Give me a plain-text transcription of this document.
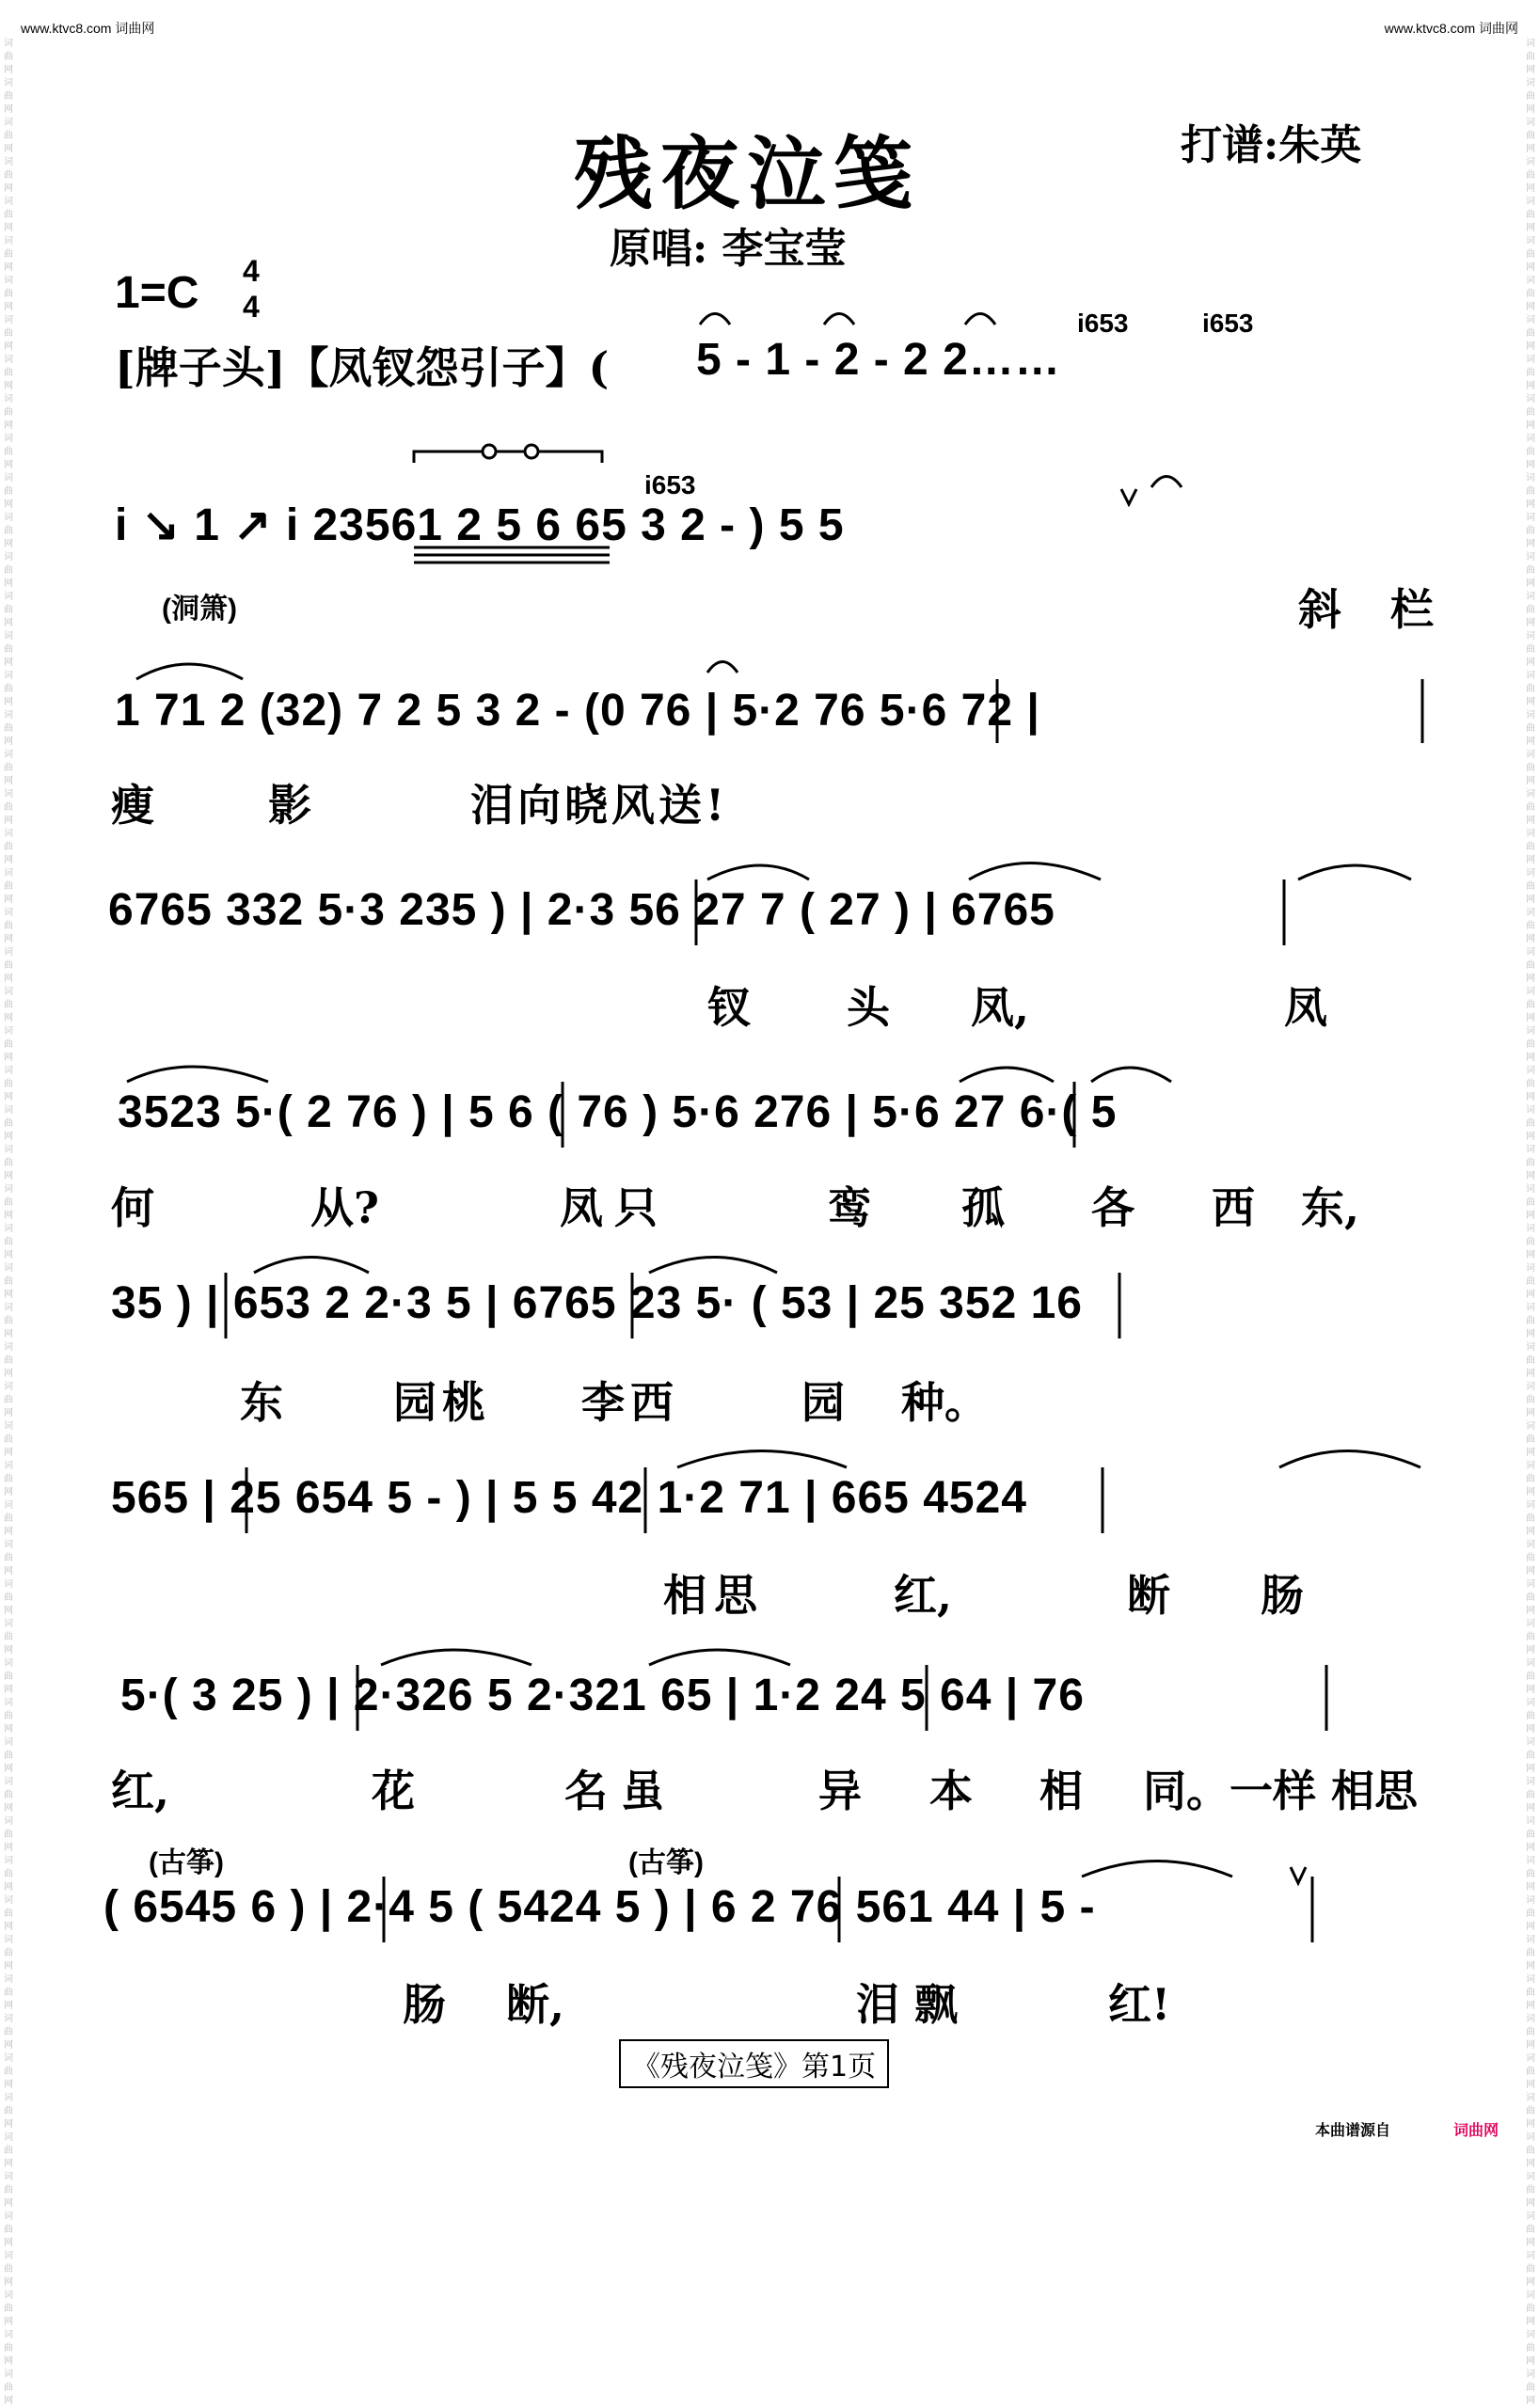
www.ktvc8.com 词曲网	www.ktvc8.com 词曲网
词曲网词曲网词曲网词曲网词曲网词曲网词曲网词曲网词曲网词曲网词曲网词曲网词曲网词曲网词曲网词曲网词曲网词曲网词曲网词曲网词曲网词曲网词曲网词曲网词曲网词曲网词曲网词曲网词曲网词曲网词曲网词曲网词曲网词曲网词曲网词曲网词曲网词曲网词曲网词曲网词曲网词曲网词曲网词曲网词曲网词曲网词曲网词曲网词曲网词曲网词曲网词曲网词曲网词曲网词曲网词曲网词曲网词曲网词曲网词曲网
词曲网词曲网词曲网词曲网词曲网词曲网词曲网词曲网词曲网词曲网词曲网词曲网词曲网词曲网词曲网词曲网词曲网词曲网词曲网词曲网词曲网词曲网词曲网词曲网词曲网词曲网词曲网词曲网词曲网词曲网词曲网词曲网词曲网词曲网词曲网词曲网词曲网词曲网词曲网词曲网词曲网词曲网词曲网词曲网词曲网词曲网词曲网词曲网词曲网词曲网词曲网词曲网词曲网词曲网词曲网词曲网词曲网词曲网词曲网词曲网
残夜泣笺	打谱:朱英
原唱: 李宝莹
1=C 4
4
[牌子头]【凤钗怨引子】( 5 - 1 - 2 - 2 2……
i653	i653
i ↘ 1 ↗ i 23561 2 5 6 65 3 2 - ) 5 5
i653
(洞箫)	斜 栏
1 71 2 (32) 7 2 5 3 2 - (0 76 | 5·2 76 5·6 72 |
瘦	影	泪向晓风送!
6765 332 5·3 235 ) | 2·3 56 27 7 ( 27 ) | 6765
钗 头 凤,	凤
3523 5·( 2 76 ) | 5 6 ( 76 ) 5·6 276 | 5·6 27 6·( 5
何	从?	凤只	鸾 孤 各 西 东,
35 ) | 653 2 2·3 5 | 6765 23 5· ( 53 | 25 352 16
东	园桃 李西	园 种。
565 | 25 654 5 - ) | 5 5 42 1·2 71 | 665 4524
相思	红,	断 肠
5·( 3 25 ) | 2·326 5 2·321 65 | 1·2 24 5 64 | 76
红,	花	名虽	异 本 相 同。一样 相思
(古筝)	(古筝)
( 6545 6 ) | 2·4 5 ( 5424 5 ) | 6 2 76 561 44 | 5 -
肠 断,	泪飘	红!
《残夜泣笺》第1页
本曲谱源自	词曲网
